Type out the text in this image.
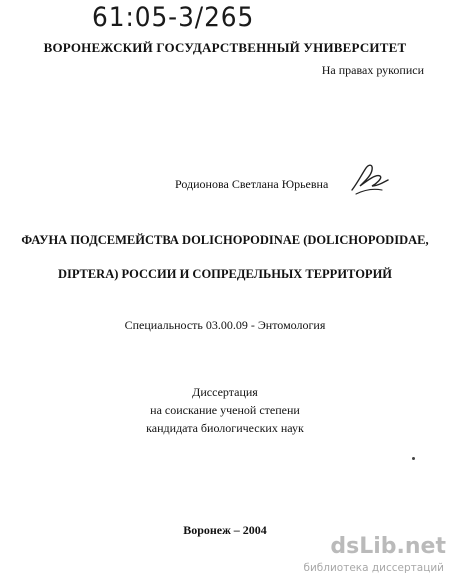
61:05-3/265
ВОРОНЕЖСКИЙ ГОСУДАРСТВЕННЫЙ УНИВЕРСИТЕТ
На правах рукописи
Родионова Светлана Юрьевна
ФАУНА ПОДСЕМЕЙСТВА DOLICHOPODINAE (DOLICHOPODIDAE,
DIPTERA) РОССИИ И СОПРЕДЕЛЬНЫХ ТЕРРИТОРИЙ
Специальность 03.00.09 - Энтомология
Диссертация
на соискание ученой степени
кандидата биологических наук
Воронеж – 2004
dsLib.net
библиотека диссертаций
